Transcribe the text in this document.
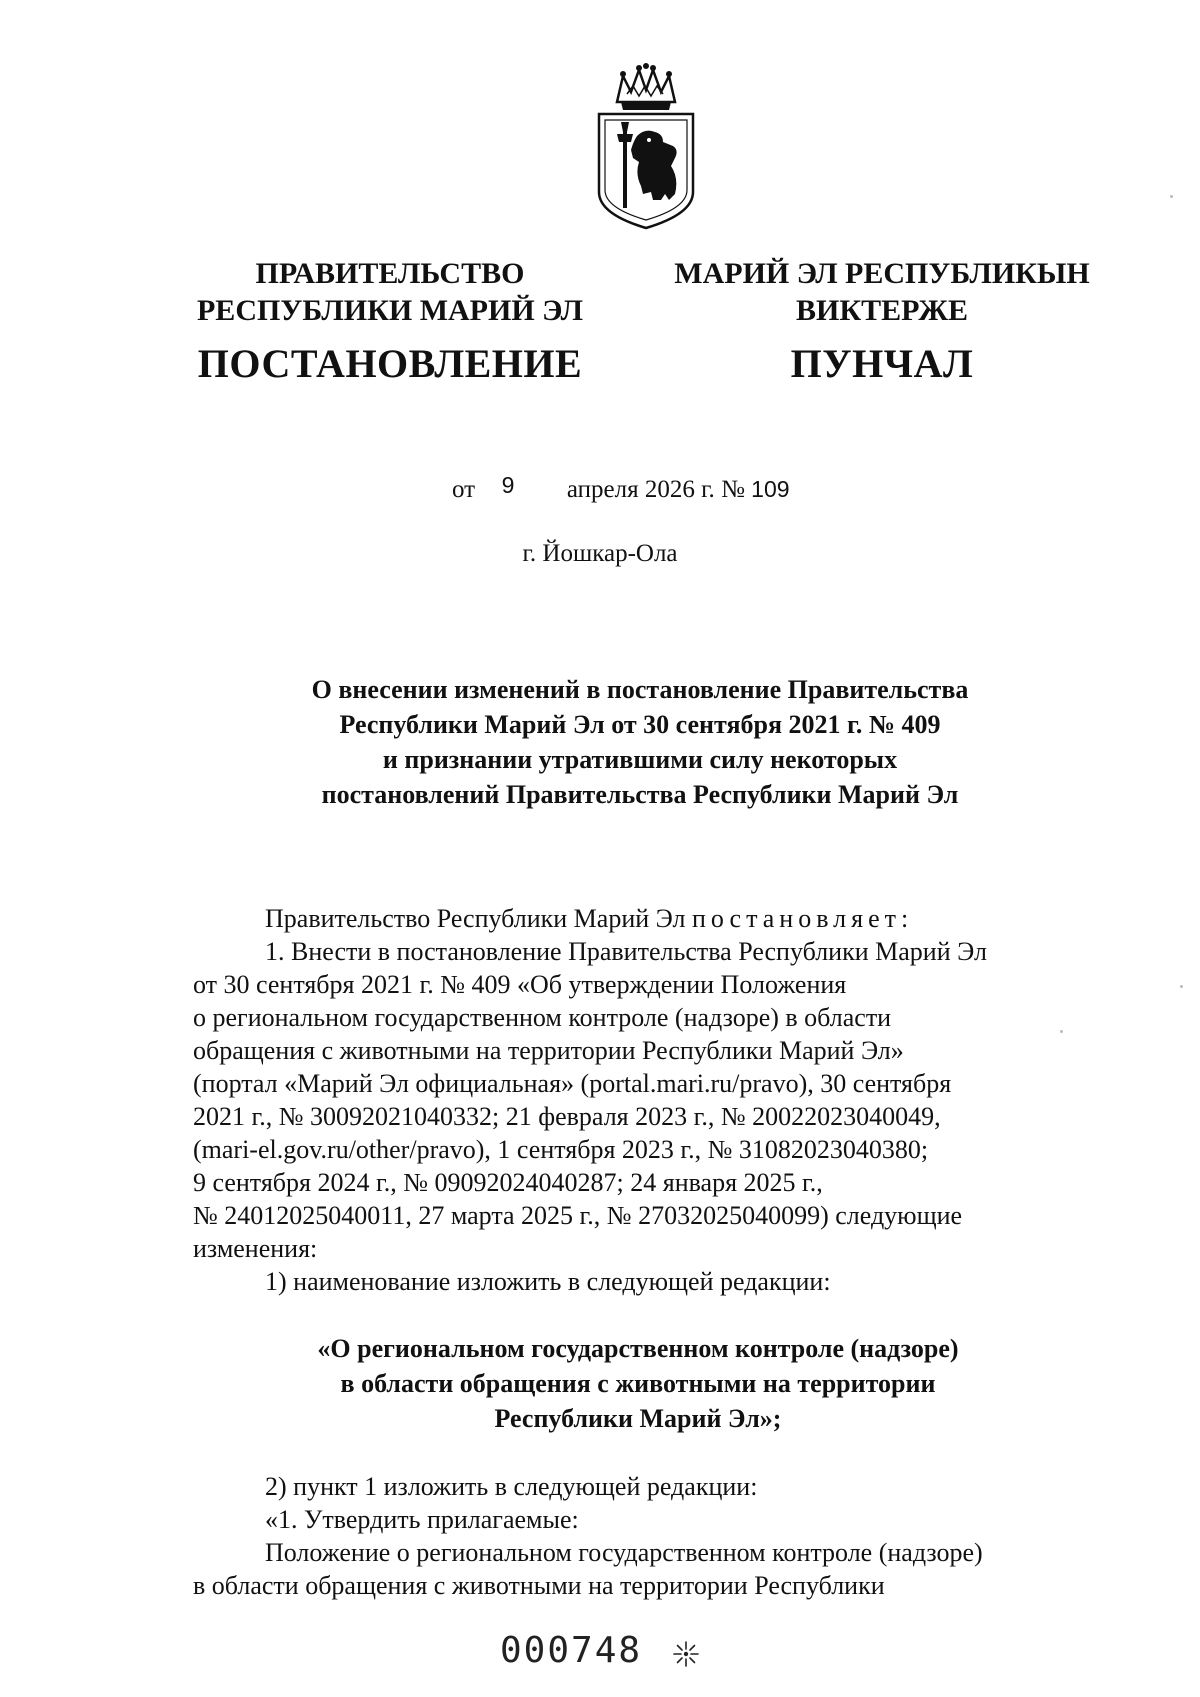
ПРАВИТЕЛЬСТВО
РЕСПУБЛИКИ МАРИЙ ЭЛ
ПОСТАНОВЛЕНИЕ
МАРИЙ ЭЛ РЕСПУБЛИКЫН
ВИКТЕРЖЕ
ПУНЧАЛ
от 9 апреля 2026 г. № 109
г. Йошкар-Ола
О внесении изменений в постановление Правительства
Республики Марий Эл от 30 сентября 2021 г. № 409
и признании утратившими силу некоторых
постановлений Правительства Республики Марий Эл

Правительство Республики Марий Эл постановляет:

1. Внести в постановление Правительства Республики Марий Эл

от 30 сентября 2021 г. № 409 «Об утверждении Положения

о региональном государственном контроле (надзоре) в области

обращения с животными на территории Республики Марий Эл»

(портал «Марий Эл официальная» (portal.mari.ru/pravo), 30 сентября

2021 г., № 30092021040332; 21 февраля 2023 г., № 20022023040049,

(mari-el.gov.ru/other/pravo), 1 сентября 2023 г., № 31082023040380;

9 сентября 2024 г., № 09092024040287; 24 января 2025 г.,

№ 24012025040011, 27 марта 2025 г., № 27032025040099) следующие

изменения:

1) наименование изложить в следующей редакции:

«О региональном государственном контроле (надзоре)
в области обращения с животными на территории
Республики Марий Эл»;

2) пункт 1 изложить в следующей редакции:

«1. Утвердить прилагаемые:

Положение о региональном государственном контроле (надзоре)

в области обращения с животными на территории Республики

000748
